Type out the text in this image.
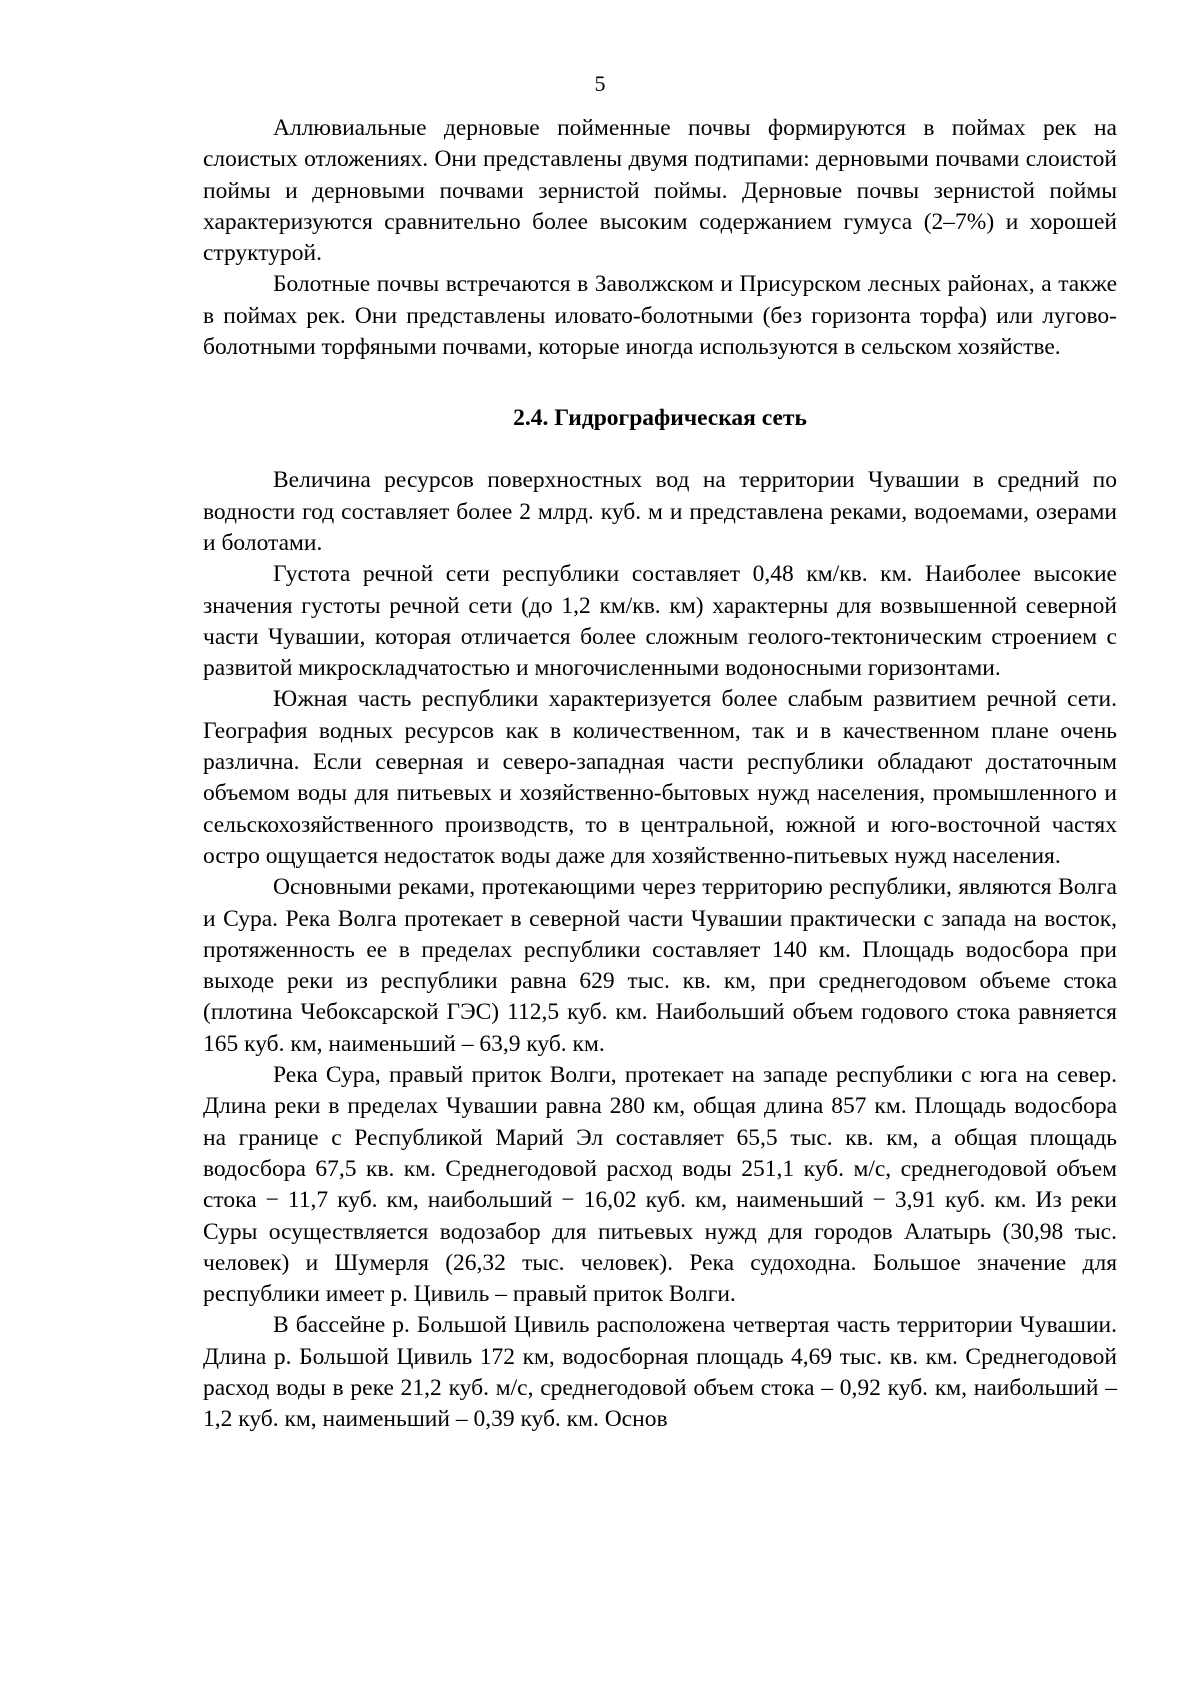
5

Аллювиальные дерновые пойменные почвы формируются в поймах рек на слоистых отложениях. Они представлены двумя подтипами: дерновыми почвами слоистой поймы и дерновыми почвами зернистой поймы. Дерновые почвы зернистой поймы характеризуются сравнительно более высоким содержанием гумуса (2–7%) и хорошей структурой.

Болотные почвы встречаются в Заволжском и Присурском лесных районах, а также в поймах рек. Они представлены иловато-болотными (без горизонта торфа) или лугово-болотными торфяными почвами, которые иногда используются в сельском хозяйстве.

2.4. Гидрографическая сеть

Величина ресурсов поверхностных вод на территории Чувашии в средний по водности год составляет более 2 млрд. куб. м и представлена реками, водоемами, озерами и болотами.

Густота речной сети республики составляет 0,48 км/кв. км. Наиболее высокие значения густоты речной сети (до 1,2 км/кв. км) характерны для возвышенной северной части Чувашии, которая отличается более сложным геолого-тектоническим строением с развитой микроскладчатостью и многочисленными водоносными горизонтами.

Южная часть республики характеризуется более слабым развитием речной сети. География водных ресурсов как в количественном, так и в качественном плане очень различна. Если северная и северо-западная части республики обладают достаточным объемом воды для питьевых и хозяйственно-бытовых нужд населения, промышленного и сельскохозяйственного производств, то в центральной, южной и юго-восточной частях остро ощущается недостаток воды даже для хозяйственно-питьевых нужд населения.

Основными реками, протекающими через территорию республики, являются Волга и Сура. Река Волга протекает в северной части Чувашии практически с запада на восток, протяженность ее в пределах республики составляет 140 км. Площадь водосбора при выходе реки из республики равна 629 тыс. кв. км, при среднегодовом объеме стока (плотина Чебоксарской ГЭС) 112,5 куб. км. Наибольший объем годового стока равняется 165 куб. км, наименьший – 63,9 куб. км.

Река Сура, правый приток Волги, протекает на западе республики с юга на север. Длина реки в пределах Чувашии равна 280 км, общая длина 857 км. Площадь водосбора на границе с Республикой Марий Эл составляет 65,5 тыс. кв. км, а общая площадь водосбора 67,5 кв. км. Среднегодовой расход воды 251,1 куб. м/с, среднегодовой объем стока − 11,7 куб. км, наибольший − 16,02 куб. км, наименьший − 3,91 куб. км. Из реки Суры осуществляется водозабор для питьевых нужд для городов Алатырь (30,98 тыс. человек) и Шумерля (26,32 тыс. человек). Река судоходна. Большое значение для республики имеет р. Цивиль – правый приток Волги.

В бассейне р. Большой Цивиль расположена четвертая часть территории Чувашии. Длина р. Большой Цивиль 172 км, водосборная площадь 4,69 тыс. кв. км. Среднегодовой расход воды в реке 21,2 куб. м/с, среднегодовой объем стока – 0,92 куб. км, наибольший – 1,2 куб. км, наименьший – 0,39 куб. км. Основ
